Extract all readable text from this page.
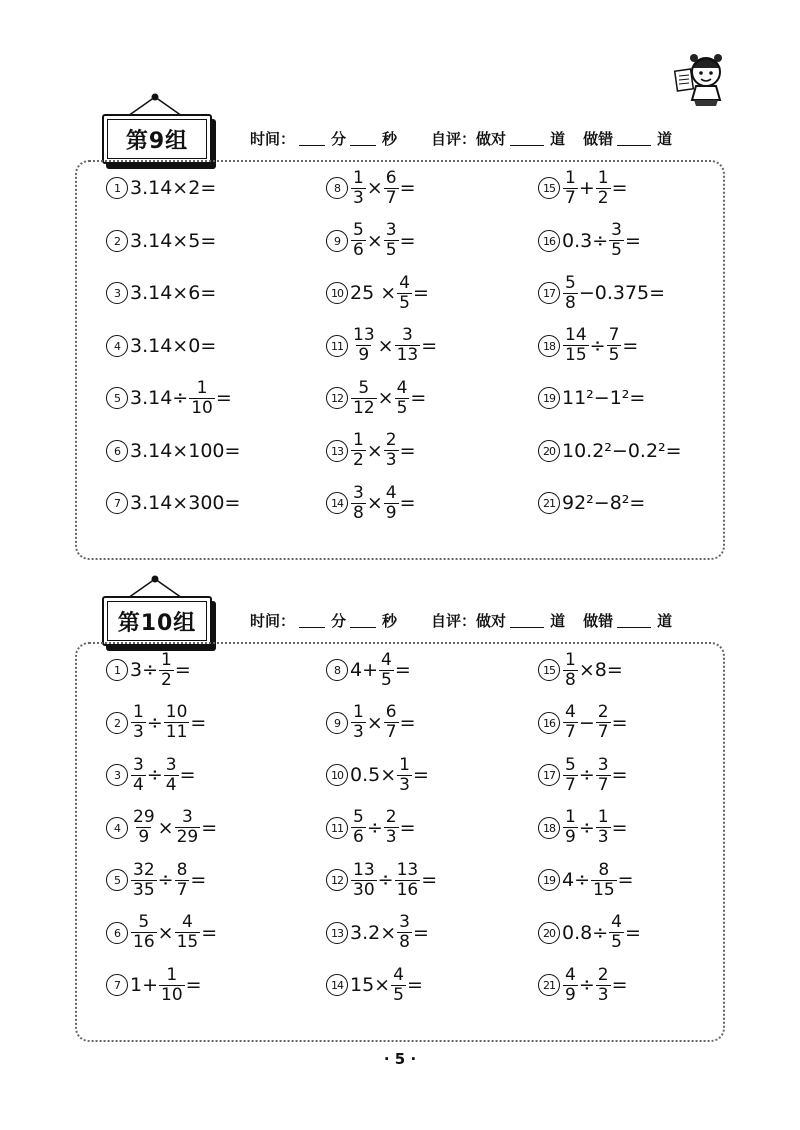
第9组	时间： 分 秒 自评：做对	道 做错	道
1 3.14×2=
2 3.14×5=
3 3.14×6=
4 3.14×0=
5 $3.14\div \frac{1}{10}$ =
6 3.14×100=
7 3.14×300=
$8 \frac{1}{3} \times \frac{6}{7}$ =
$9 \frac{5}{6} \times \frac{3}{5}$ =
10 $25 \times \frac{4}{5}$ =
$11 \frac{13}{9} \times \frac{3}{13}$ =
$12 \frac{5}{12} \times \frac{4}{5}$ =
$13 \frac{1}{2} \times \frac{2}{3}$ =
$14 \frac{3}{8} \times \frac{4}{9}$ =
$15 \frac{1}{7} + \frac{1}{2}$ =
16 $0.3\div \frac{3}{5}$ =
$17 \frac{5}{8} -0.375=$
$18 \frac{14}{15} \div \frac{7}{5}$ =
19 11²−1²=
20 10.2²−0.2²=
21 92²−8²=
第10组	时间： 分 秒 自评：做对	道 做错	道
1 $3\div \frac{1}{2}$ =
$2 \frac{1}{3} \div \frac{10}{11}$ =
$3 \frac{3}{4} \div \frac{3}{4}$ =
$4 \frac{29}{9} \times \frac{3}{29}$ =
$5 \frac{32}{35} \div \frac{8}{7}$ =
$6 \frac{5}{16} \times \frac{4}{15}$ =
7 $1+ \frac{1}{10}$ =
8 $4+ \frac{4}{5}$ =
$9 \frac{1}{3} \times \frac{6}{7}$ =
10 $0.5\times \frac{1}{3}$ =
$11 \frac{5}{6} \div \frac{2}{3}$ =
$12 \frac{13}{30} \div \frac{13}{16}$ =
13 $3.2\times \frac{3}{8}$ =
14 $15\times \frac{4}{5}$ =
$15 \frac{1}{8} \times 8=$
$16 \frac{4}{7} - \frac{2}{7}$ =
$17 \frac{5}{7} \div \frac{3}{7}$ =
$18 \frac{1}{9} \div \frac{1}{3}$ =
19 $4\div \frac{8}{15}$ =
20 $0.8\div \frac{4}{5}$ =
$21 \frac{4}{9} \div \frac{2}{3}$ =
· 5 ·
